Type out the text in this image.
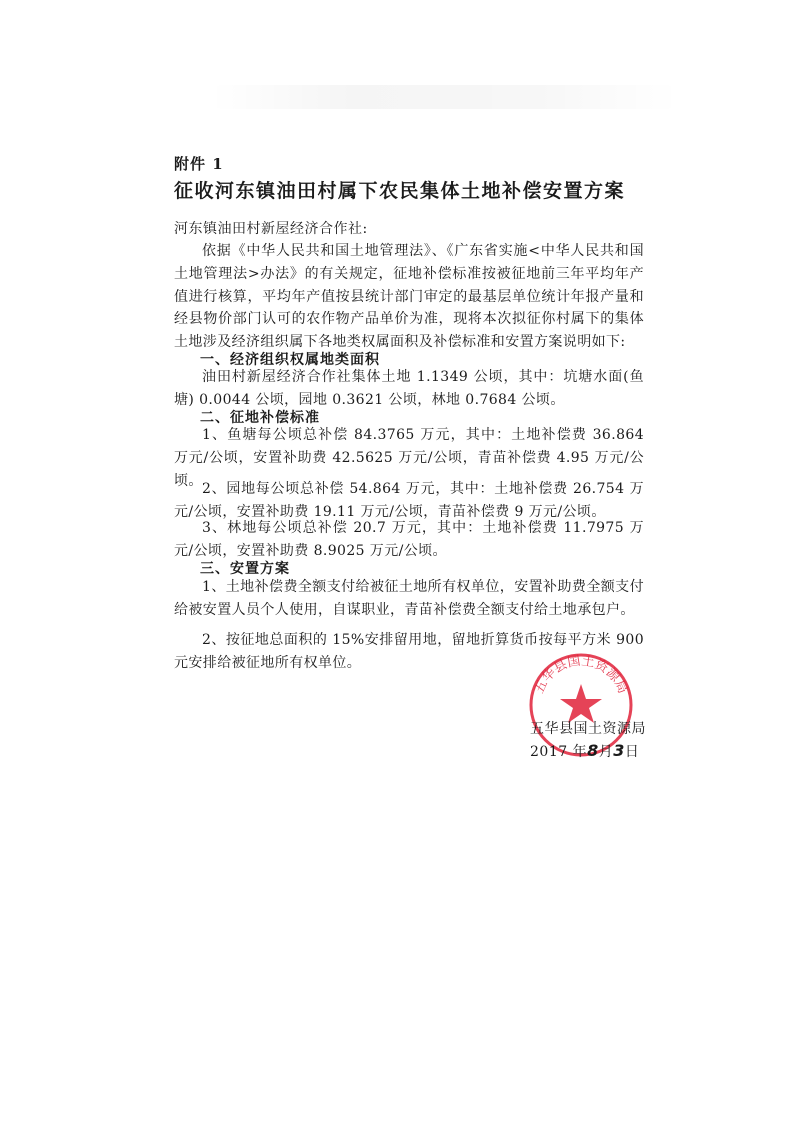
附件 1
征收河东镇油田村属下农民集体土地补偿安置方案
河东镇油田村新屋经济合作社:
依据《中华人民共和国土地管理法》、《广东省实施<中华人民共和国土地管理法>办法》的有关规定，征地补偿标准按被征地前三年平均年产值进行核算，平均年产值按县统计部门审定的最基层单位统计年报产量和经县物价部门认可的农作物产品单价为准，现将本次拟征你村属下的集体土地涉及经济组织属下各地类权属面积及补偿标准和安置方案说明如下:
一、经济组织权属地类面积
油田村新屋经济合作社集体土地 1.1349 公顷，其中：坑塘水面(鱼塘) 0.0044 公顷，园地 0.3621 公顷，林地 0.7684 公顷。
二、征地补偿标准
1、鱼塘每公顷总补偿 84.3765 万元，其中：土地补偿费 36.864 万元/公顷，安置补助费 42.5625 万元/公顷，青苗补偿费 4.95 万元/公顷。
2、园地每公顷总补偿 54.864 万元，其中：土地补偿费 26.754 万元/公顷，安置补助费 19.11 万元/公顷，青苗补偿费 9 万元/公顷。
3、林地每公顷总补偿 20.7 万元，其中：土地补偿费 11.7975 万元/公顷，安置补助费 8.9025 万元/公顷。
三、安置方案
1、土地补偿费全额支付给被征土地所有权单位，安置补助费全额支付给被安置人员个人使用，自谋职业，青苗补偿费全额支付给土地承包户。
2、按征地总面积的 15%安排留用地，留地折算货币按每平方米 900 元安排给被征地所有权单位。
五华县国土资源局
五华县国土资源局
2017 年8月3日
